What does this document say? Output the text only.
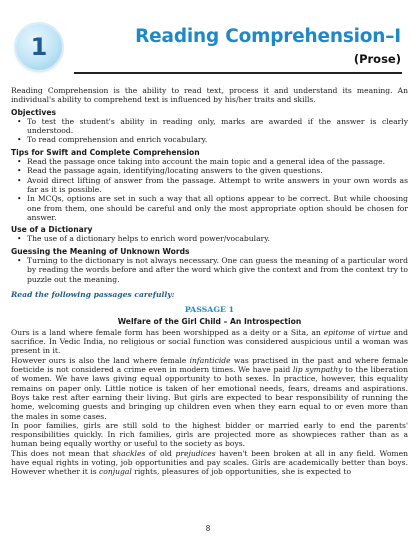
1	Reading Comprehension–I
(Prose)

Reading Comprehension is the ability to read text, process it and understand its meaning. An individual's ability to comprehend text is influenced by his/her traits and skills.

Objectives
• To test the student's ability in reading only, marks are awarded if the answer is clearly understood.
• To read comprehension and enrich vocabulary.
Tips for Swift and Complete Comprehension
• Read the passage once taking into account the main topic and a general idea of the passage.
• Read the passage again, identifying/locating answers to the given questions.
• Avoid direct lifting of answer from the passage. Attempt to write answers in your own words as far as it is possible.
• In MCQs, options are set in such a way that all options appear to be correct. But while choosing one from them, one should be careful and only the most appropriate option should be chosen for answer.
Use of a Dictionary
• The use of a dictionary helps to enrich word power/vocabulary.
Guessing the Meaning of Unknown Words
• Turning to the dictionary is not always necessary. One can guess the meaning of a particular word by reading the words before and after the word which give the context and from the context try to puzzle out the meaning.
Read the following passages carefully:
PASSAGE 1
Welfare of the Girl Child – An Introspection

Ours is a land where female form has been worshipped as a deity or a Sita, an epitome of virtue and sacrifice. In Vedic India, no religious or social function was considered auspicious until a woman was present in it.

However ours is also the land where female infanticide was practised in the past and where female foeticide is not considered a crime even in modern times. We have paid lip sympathy to the liberation of women. We have laws giving equal opportunity to both sexes. In practice, however, this equality remains on paper only. Little notice is taken of her emotional needs, fears, dreams and aspirations. Boys take rest after earning their living. But girls are expected to bear responsibility of running the home, welcoming guests and bringing up children even when they earn equal to or even more than the males in some cases.

In poor families, girls are still sold to the highest bidder or married early to end the parents' responsibilities quickly. In rich families, girls are projected more as showpieces rather than as a human being equally worthy or useful to the society as boys.

This does not mean that shackles of old prejudices haven't been broken at all in any field. Women have equal rights in voting, job opportunities and pay scales. Girls are academically better than boys. However whether it is conjugal rights, pleasures of job opportunities, she is expected to

8
